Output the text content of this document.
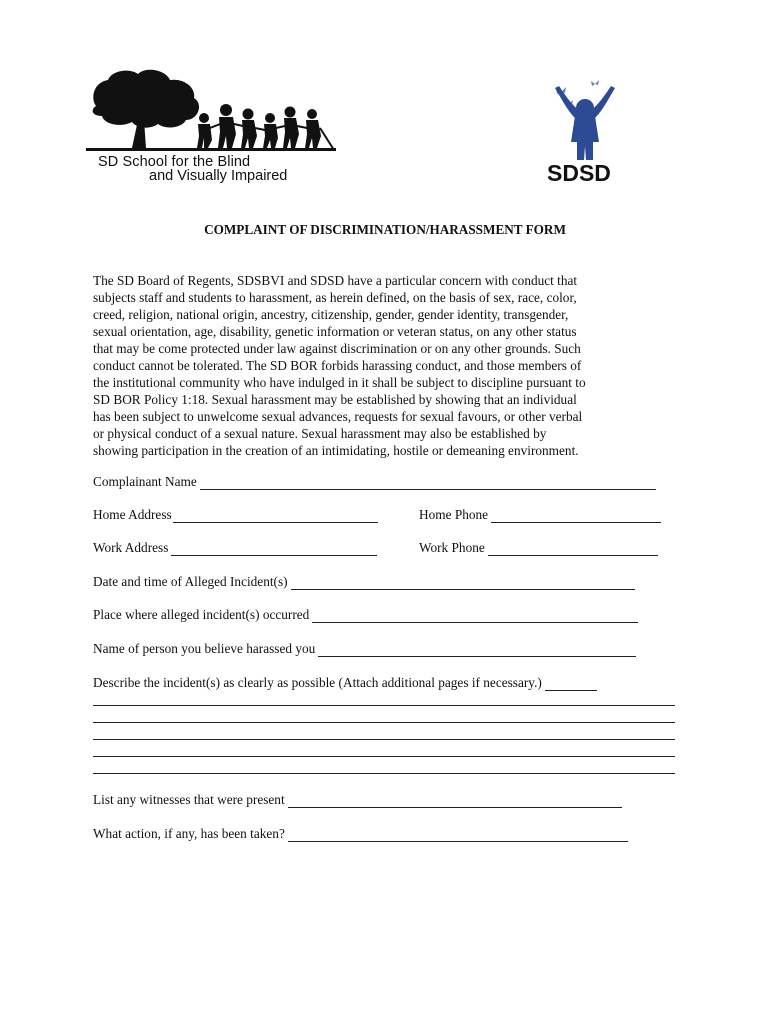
SD School for the Blind
and Visually Impaired	SDSD
COMPLAINT OF DISCRIMINATION/HARASSMENT FORM

The SD Board of Regents, SDSBVI and SDSD have a particular concern with conduct that
subjects staff and students to harassment, as herein defined, on the basis of sex, race, color,
creed, religion, national origin, ancestry, citizenship, gender, gender identity, transgender,
sexual orientation, age, disability, genetic information or veteran status, on any other status
that may be come protected under law against discrimination or on any other grounds. Such
conduct cannot be tolerated. The SD BOR forbids harassing conduct, and those members of
the institutional community who have indulged in it shall be subject to discipline pursuant to
SD BOR Policy 1:18. Sexual harassment may be established by showing that an individual
has been subject to unwelcome sexual advances, requests for sexual favours, or other verbal
or physical conduct of a sexual nature. Sexual harassment may also be established by
showing participation in the creation of an intimidating, hostile or demeaning environment.

Complainant Name
Home Address	Home Phone
Work Address	Work Phone
Date and time of Alleged Incident(s)
Place where alleged incident(s) occurred
Name of person you believe harassed you
Describe the incident(s) as clearly as possible (Attach additional pages if necessary.)
List any witnesses that were present
What action, if any, has been taken?
